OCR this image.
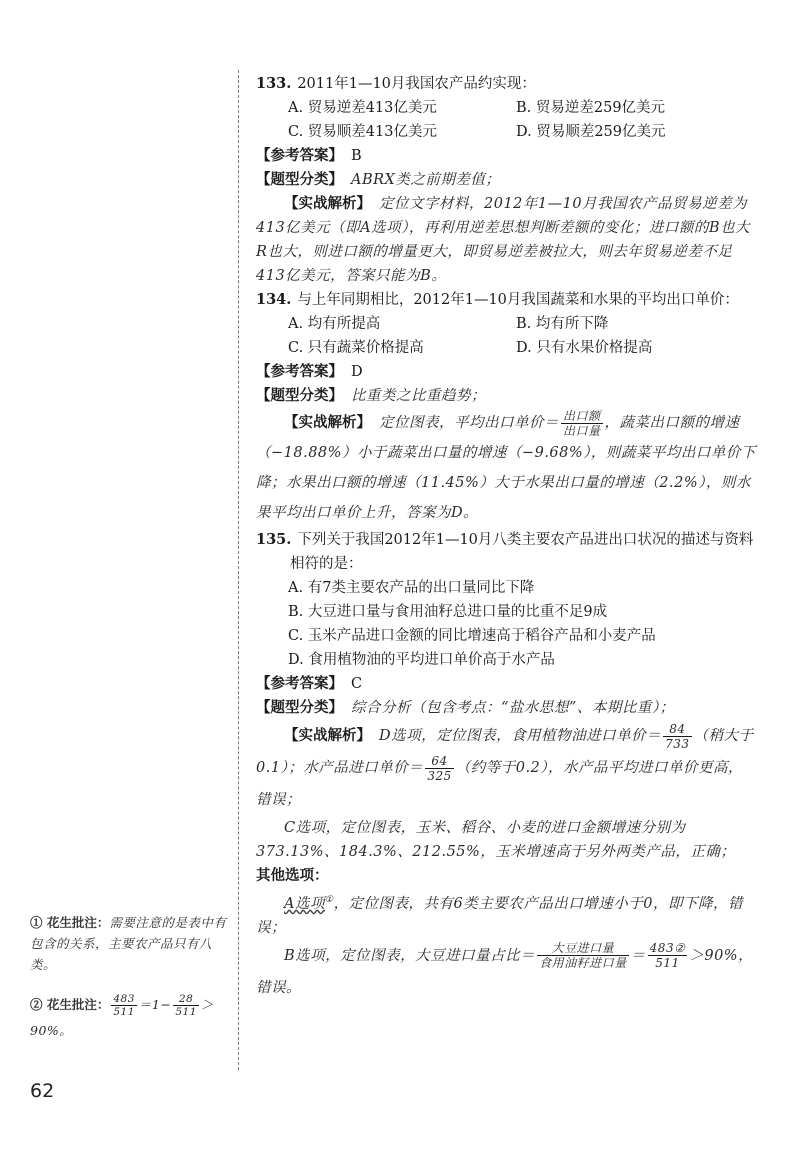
133. 2011年1—10月我国农产品约实现：

A. 贸易逆差413亿美元	B. 贸易逆差259亿美元
C. 贸易顺差413亿美元	D. 贸易顺差259亿美元

【参考答案】 B

【题型分类】 ABRX类之前期差值；

【实战解析】 定位文字材料，2012年1—10月我国农产品贸易逆差为413亿美元（即A选项），再利用逆差思想判断差额的变化；进口额的B也大R也大，则进口额的增量更大，即贸易逆差被拉大，则去年贸易逆差不足413亿美元，答案只能为B。

134. 与上年同期相比，2012年1—10月我国蔬菜和水果的平均出口单价：

A. 均有所提高	B. 均有所下降
C. 只有蔬菜价格提高	D. 只有水果价格提高

【参考答案】 D

【题型分类】 比重类之比重趋势；

【实战解析】 定位图表，平均出口单价＝ $\frac{\text{出口额}}{\text{出口量}}$ ，蔬菜出口额的增速（−18.88%）小于蔬菜出口量的增速（−9.68%），则蔬菜平均出口单价下降；水果出口额的增速（11.45%）大于水果出口量的增速（2.2%），则水果平均出口单价上升，答案为D。

135. 下列关于我国2012年1—10月八类主要农产品进出口状况的描述与资料相符的是：

A. 有7类主要农产品的出口量同比下降
B. 大豆进口量与食用油籽总进口量的比重不足9成
C. 玉米产品进口金额的同比增速高于稻谷产品和小麦产品
D. 食用植物油的平均进口单价高于水产品

【参考答案】 C

【题型分类】 综合分析（包含考点：“盐水思想”、本期比重）；

【实战解析】 D选项，定位图表，食用植物油进口单价＝ $\frac{84}{733}$ （稍大于0.1）；水产品进口单价＝ $\frac{64}{325}$ （约等于0.2），水产品平均进口单价更高，错误；

C选项，定位图表，玉米、稻谷、小麦的进口金额增速分别为373.13%、184.3%、212.55%，玉米增速高于另外两类产品，正确；

其他选项：

A选项①，定位图表，共有6类主要农产品出口增速小于0，即下降，错误；

B选项，定位图表，大豆进口量占比＝ $\frac{\text{大豆进口量}}{\text{食用油籽进口量}} = \frac{\text{483②}}{511} >90\%$，错误。

① 花生批注：需要注意的是表中有包含的关系，主要农产品只有八类。
② 花生批注： $\frac{483}{511} =1- \frac{28}{511} >90\%$。
62
